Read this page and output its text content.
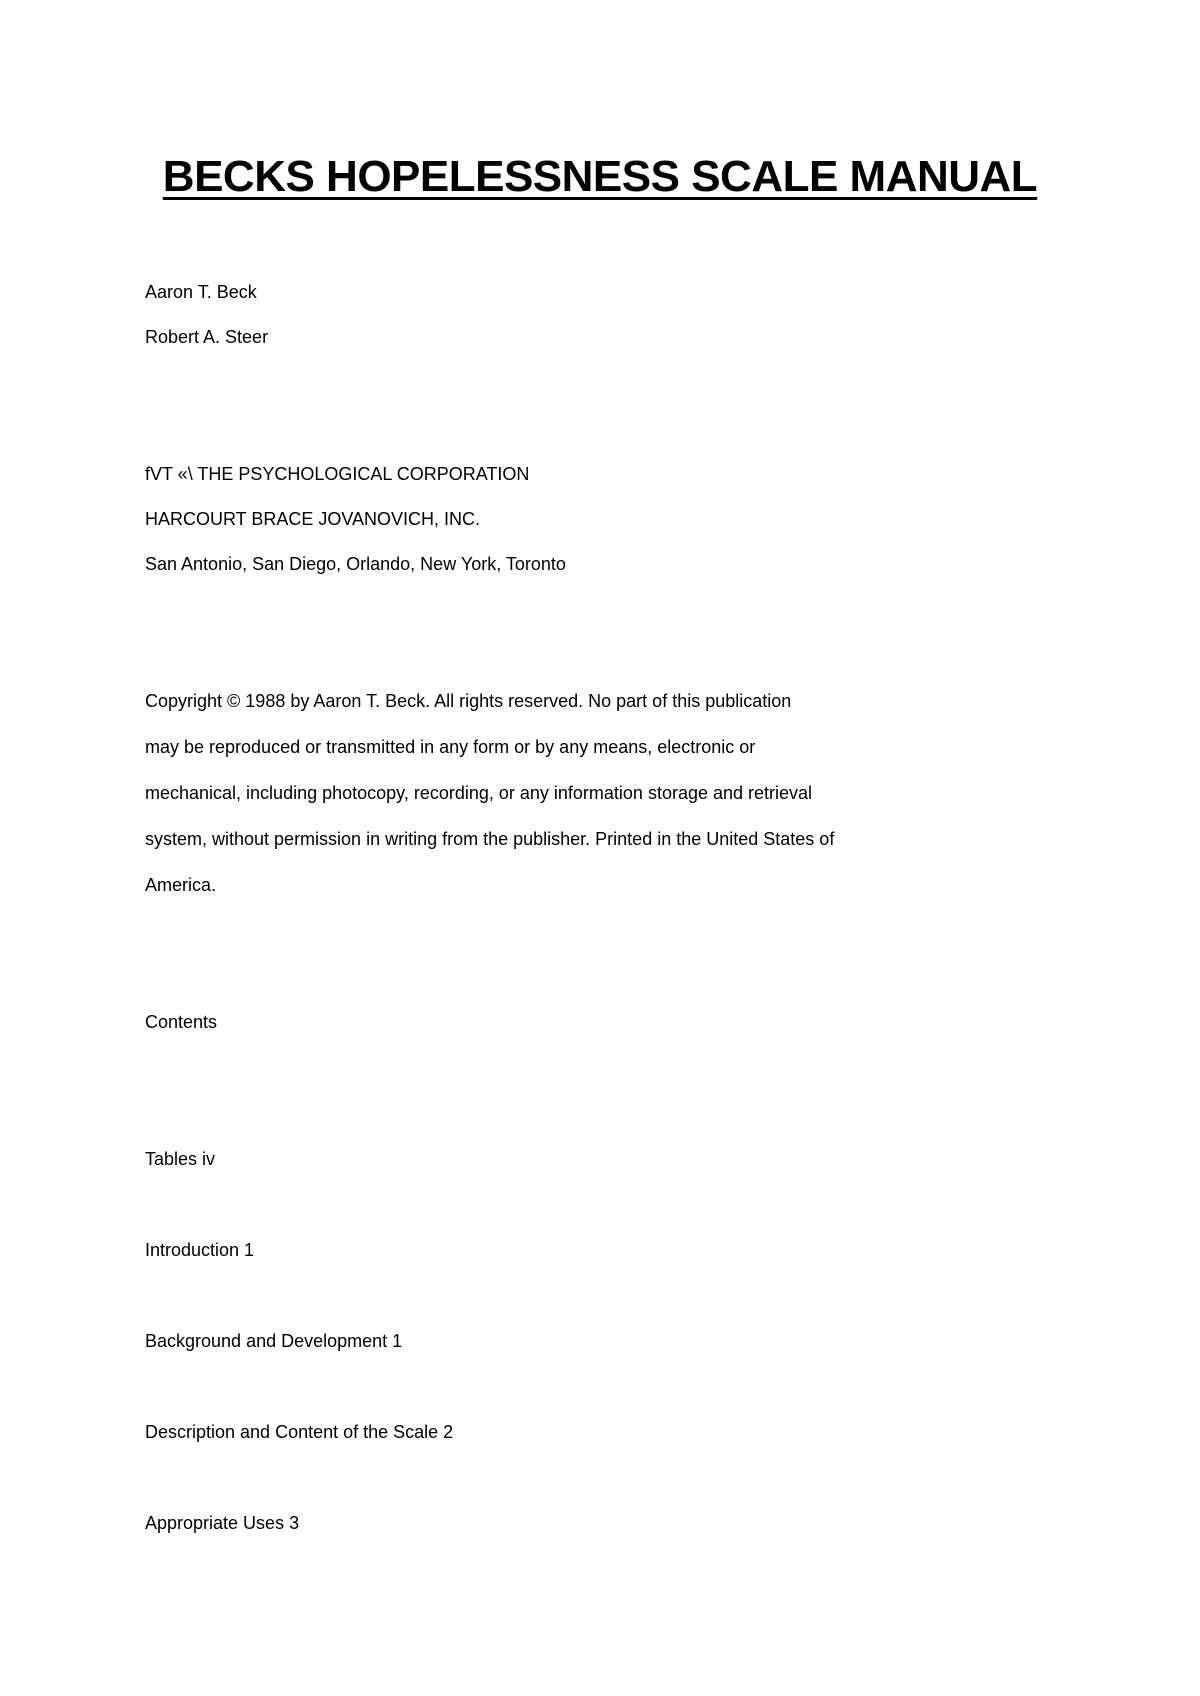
BECKS HOPELESSNESS SCALE MANUAL

Aaron T. Beck

Robert A. Steer

fVT «\ THE PSYCHOLOGICAL CORPORATION

HARCOURT BRACE JOVANOVICH, INC.

San Antonio, San Diego, Orlando, New York, Toronto

Copyright © 1988 by Aaron T. Beck. All rights reserved. No part of this publication

may be reproduced or transmitted in any form or by any means, electronic or

mechanical, including photocopy, recording, or any information storage and retrieval

system, without permission in writing from the publisher. Printed in the United States of

America.

Contents

Tables iv

Introduction 1

Background and Development 1

Description and Content of the Scale 2

Appropriate Uses 3
